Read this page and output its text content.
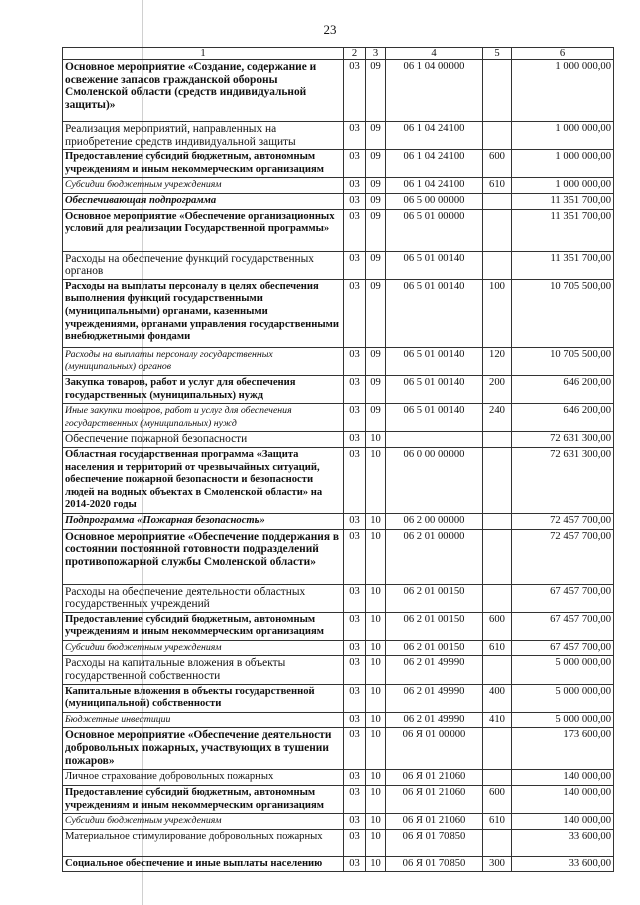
23
1	2	3	4	5	6
Основное мероприятие «Создание, содержание и освежение запасов гражданской обороны Смоленской области (средств индивидуальной защиты)»	03	09	06 1 04 00000		1 000 000,00
Реализация мероприятий, направленных на приобретение средств индивидуальной защиты	03	09	06 1 04 24100		1 000 000,00
Предоставление субсидий бюджетным, автономным учреждениям и иным некоммерческим организациям	03	09	06 1 04 24100	600	1 000 000,00
Субсидии бюджетным учреждениям	03	09	06 1 04 24100	610	1 000 000,00
Обеспечивающая подпрограмма	03	09	06 5 00 00000		11 351 700,00
Основное мероприятие «Обеспечение организационных условий для реализации Государственной программы»	03	09	06 5 01 00000		11 351 700,00
Расходы на обеспечение функций государственных органов	03	09	06 5 01 00140		11 351 700,00
Расходы на выплаты персоналу в целях обеспечения выполнения функций государственными (муниципальными) органами, казенными учреждениями, органами управления государственными внебюджетными фондами	03	09	06 5 01 00140	100	10 705 500,00
Расходы на выплаты персоналу государственных (муниципальных) органов	03	09	06 5 01 00140	120	10 705 500,00
Закупка товаров, работ и услуг для обеспечения государственных (муниципальных) нужд	03	09	06 5 01 00140	200	646 200,00
Иные закупки товаров, работ и услуг для обеспечения государственных (муниципальных) нужд	03	09	06 5 01 00140	240	646 200,00
Обеспечение пожарной безопасности	03	10			72 631 300,00
Областная государственная программа «Защита населения и территорий от чрезвычайных ситуаций, обеспечение пожарной безопасности и безопасности людей на водных объектах в Смоленской области» на 2014-2020 годы	03	10	06 0 00 00000		72 631 300,00
Подпрограмма «Пожарная безопасность»	03	10	06 2 00 00000		72 457 700,00
Основное мероприятие «Обеспечение поддержания в состоянии постоянной готовности подразделений противопожарной службы Смоленской области»	03	10	06 2 01 00000		72 457 700,00
Расходы на обеспечение деятельности областных государственных учреждений	03	10	06 2 01 00150		67 457 700,00
Предоставление субсидий бюджетным, автономным учреждениям и иным некоммерческим организациям	03	10	06 2 01 00150	600	67 457 700,00
Субсидии бюджетным учреждениям	03	10	06 2 01 00150	610	67 457 700,00
Расходы на капитальные вложения в объекты государственной собственности	03	10	06 2 01 49990		5 000 000,00
Капитальные вложения в объекты государственной (муниципальной) собственности	03	10	06 2 01 49990	400	5 000 000,00
Бюджетные инвестиции	03	10	06 2 01 49990	410	5 000 000,00
Основное мероприятие «Обеспечение деятельности добровольных пожарных, участвующих в тушении пожаров»	03	10	06 Я 01 00000		173 600,00
Личное страхование добровольных пожарных	03	10	06 Я 01 21060		140 000,00
Предоставление субсидий бюджетным, автономным учреждениям и иным некоммерческим организациям	03	10	06 Я 01 21060	600	140 000,00
Субсидии бюджетным учреждениям	03	10	06 Я 01 21060	610	140 000,00
Материальное стимулирование добровольных пожарных	03	10	06 Я 01 70850		33 600,00
Социальное обеспечение и иные выплаты населению	03	10	06 Я 01 70850	300	33 600,00
